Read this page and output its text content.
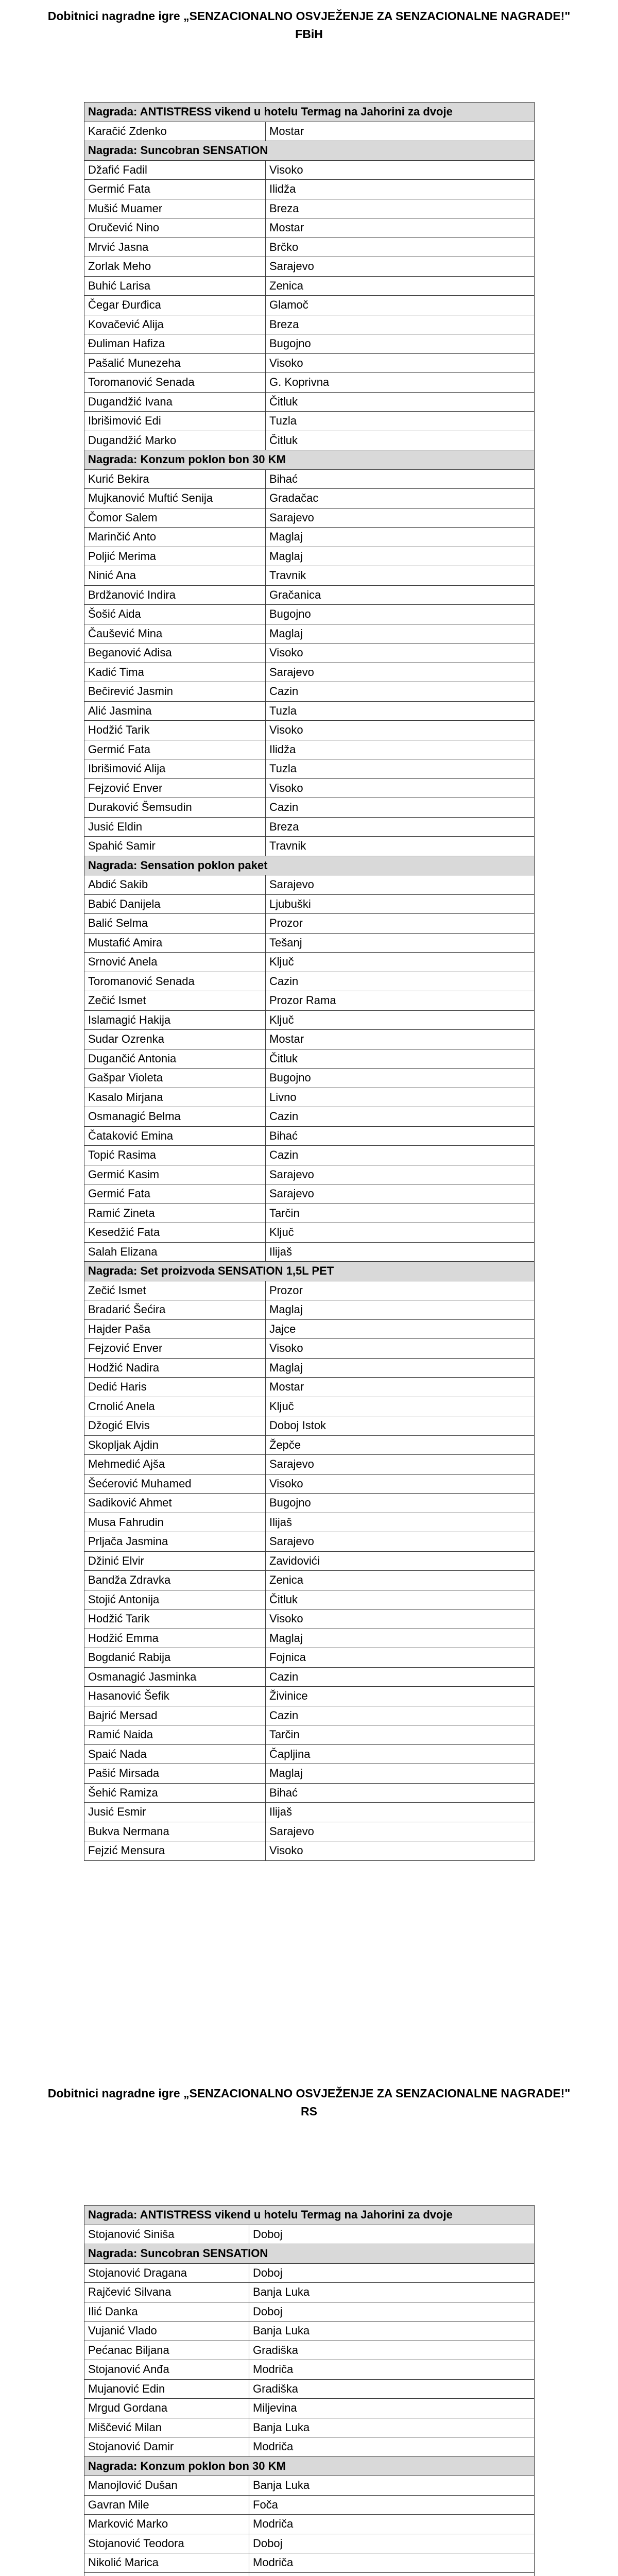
Dobitnici nagradne igre „SENZACIONALNO OSVJEŽENJE ZA SENZACIONALNE NAGRADE!"
FBiH
Nagrada: ANTISTRESS vikend u hotelu Termag na Jahorini za dvoje	
Karačić Zdenko	Mostar
Nagrada: Suncobran SENSATION	
Džafić Fadil	Visoko
Germić Fata	Ilidža
Mušić Muamer	Breza
Oručević Nino	Mostar
Mrvić Jasna	Brčko
Zorlak Meho	Sarajevo
Buhić Larisa	Zenica
Čegar Đurđica	Glamoč
Kovačević Alija	Breza
Đuliman Hafiza	Bugojno
Pašalić Munezeha	Visoko
Toromanović Senada	G. Koprivna
Dugandžić Ivana	Čitluk
Ibrišimović Edi	Tuzla
Dugandžić Marko	Čitluk
Nagrada: Konzum poklon bon 30 KM	
Kurić Bekira	Bihać
Mujkanović Muftić Senija	Gradačac
Čomor Salem	Sarajevo
Marinčić Anto	Maglaj
Poljić Merima	Maglaj
Ninić Ana	Travnik
Brdžanović Indira	Gračanica
Šošić Aida	Bugojno
Čaušević Mina	Maglaj
Beganović Adisa	Visoko
Kadić Tima	Sarajevo
Bečirević Jasmin	Cazin
Alić Jasmina	Tuzla
Hodžić Tarik	Visoko
Germić Fata	Ilidža
Ibrišimović Alija	Tuzla
Fejzović Enver	Visoko
Duraković Šemsudin	Cazin
Jusić Eldin	Breza
Spahić Samir	Travnik
Nagrada: Sensation poklon paket	
Abdić Sakib	Sarajevo
Babić Danijela	Ljubuški
Balić Selma	Prozor
Mustafić Amira	Tešanj
Srnović Anela	Ključ
Toromanović Senada	Cazin
Zečić Ismet	Prozor Rama
Islamagić Hakija	Ključ
Sudar Ozrenka	Mostar
Dugančić Antonia	Čitluk
Gašpar Violeta	Bugojno
Kasalo Mirjana	Livno
Osmanagić Belma	Cazin
Čataković Emina	Bihać
Topić Rasima	Cazin
Germić Kasim	Sarajevo
Germić Fata	Sarajevo
Ramić Zineta	Tarčin
Kesedžić Fata	Ključ
Salah Elizana	Ilijaš
Nagrada: Set proizvoda SENSATION 1,5L PET	
Zečić Ismet	Prozor
Bradarić Šećira	Maglaj
Hajder Paša	Jajce
Fejzović Enver	Visoko
Hodžić Nadira	Maglaj
Dedić Haris	Mostar
Crnolić Anela	Ključ
Džogić Elvis	Doboj Istok
Skopljak Ajdin	Žepče
Mehmedić Ajša	Sarajevo
Šećerović Muhamed	Visoko
Sadiković Ahmet	Bugojno
Musa Fahrudin	Ilijaš
Prljača Jasmina	Sarajevo
Džinić Elvir	Zavidovići
Bandža Zdravka	Zenica
Stojić Antonija	Čitluk
Hodžić Tarik	Visoko
Hodžić Emma	Maglaj
Bogdanić Rabija	Fojnica
Osmanagić Jasminka	Cazin
Hasanović Šefik	Živinice
Bajrić Mersad	Cazin
Ramić Naida	Tarčin
Spaić Nada	Čapljina
Pašić Mirsada	Maglaj
Šehić Ramiza	Bihać
Jusić Esmir	Ilijaš
Bukva Nermana	Sarajevo
Fejzić Mensura	Visoko
Dobitnici nagradne igre „SENZACIONALNO OSVJEŽENJE ZA SENZACIONALNE NAGRADE!"
RS
Nagrada: ANTISTRESS vikend u hotelu Termag na Jahorini za dvoje	
Stojanović Siniša	Doboj
Nagrada: Suncobran SENSATION	
Stojanović Dragana	Doboj
Rajčević Silvana	Banja Luka
Ilić Danka	Doboj
Vujanić Vlado	Banja Luka
Pećanac Biljana	Gradiška
Stojanović Anđa	Modriča
Mujanović Edin	Gradiška
Mrgud Gordana	Miljevina
Miščević Milan	Banja Luka
Stojanović Damir	Modriča
Nagrada: Konzum poklon bon 30 KM	
Manojlović Dušan	Banja Luka
Gavran Mile	Foča
Marković Marko	Modriča
Stojanović Teodora	Doboj
Nikolić Marica	Modriča
